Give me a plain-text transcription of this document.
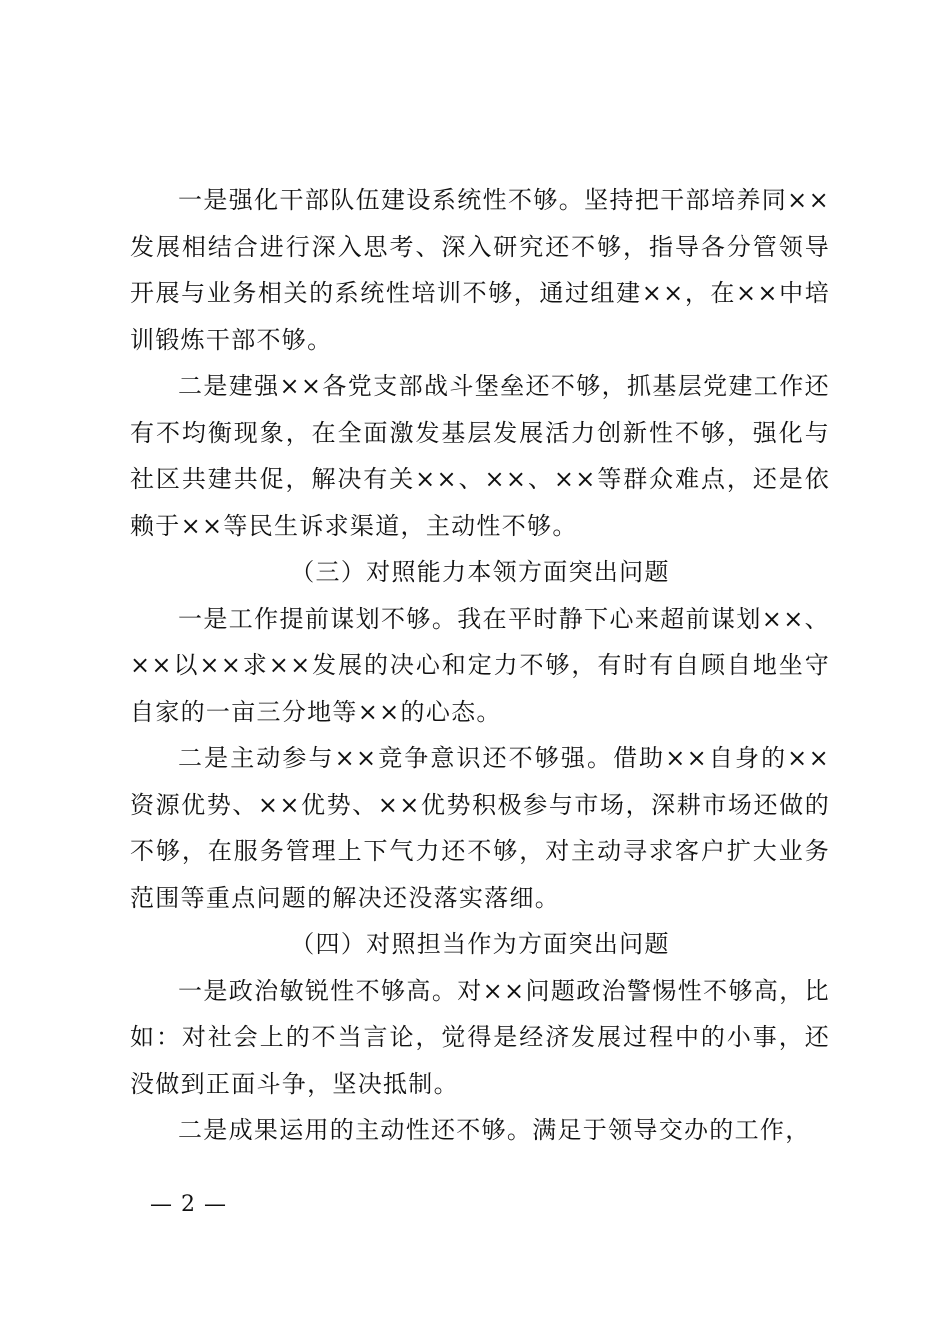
一是强化干部队伍建设系统性不够。坚持把干部培养同××发展相结合进行深入思考、深入研究还不够，指导各分管领导开展与业务相关的系统性培训不够，通过组建××，在××中培训锻炼干部不够。

二是建强××各党支部战斗堡垒还不够，抓基层党建工作还有不均衡现象，在全面激发基层发展活力创新性不够，强化与社区共建共促，解决有关××、××、××等群众难点，还是依赖于××等民生诉求渠道，主动性不够。

（三）对照能力本领方面突出问题

一是工作提前谋划不够。我在平时静下心来超前谋划××、××以××求××发展的决心和定力不够，有时有自顾自地坐守自家的一亩三分地等××的心态。

二是主动参与××竞争意识还不够强。借助××自身的××资源优势、××优势、××优势积极参与市场，深耕市场还做的不够，在服务管理上下气力还不够，对主动寻求客户扩大业务范围等重点问题的解决还没落实落细。

（四）对照担当作为方面突出问题

一是政治敏锐性不够高。对××问题政治警惕性不够高，比如：对社会上的不当言论，觉得是经济发展过程中的小事，还没做到正面斗争，坚决抵制。

二是成果运用的主动性还不够。满足于领导交办的工作，

— 2 —
